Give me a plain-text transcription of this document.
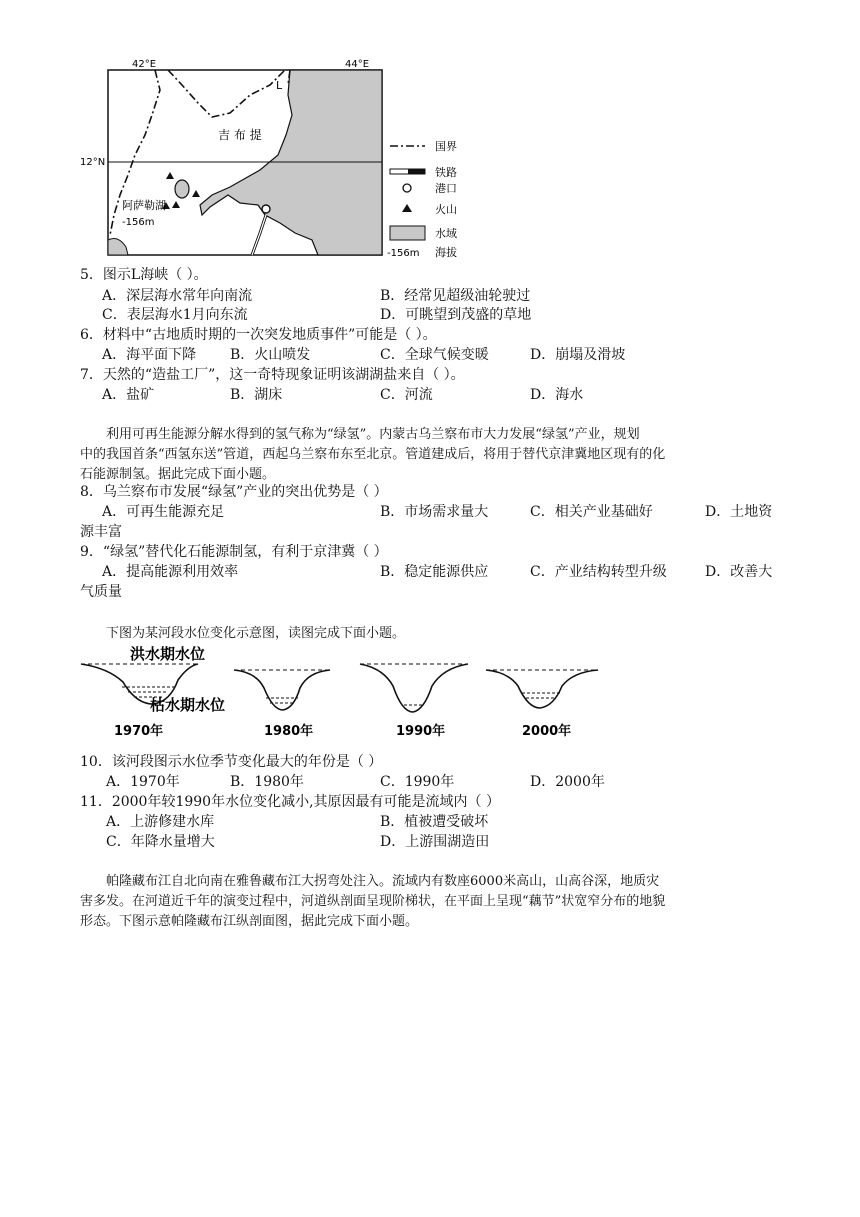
42°E	44°E
12°N
L
吉 布 提
阿萨勒湖
-156m
国界
铁路
港口
火山
水域
-156m 海拔
5．图示L海峡（ ）。
A．深层海水常年向南流	B．经常见超级油轮驶过
C．表层海水1月向东流	D．可眺望到茂盛的草地
6．材料中“古地质时期的一次突发地质事件”可能是（ ）。
A．海平面下降 B．火山喷发	C．全球气候变暖	D．崩塌及滑坡
7．天然的“造盐工厂”，这一奇特现象证明该湖湖盐来自（ ）。
A．盐矿	B．湖床	C．河流	D．海水
利用可再生能源分解水得到的氢气称为“绿氢”。内蒙古乌兰察布市大力发展“绿氢”产业，规划
中的我国首条“西氢东送”管道，西起乌兰察布东至北京。管道建成后，将用于替代京津冀地区现有的化
石能源制氢。据此完成下面小题。
8．乌兰察布市发展“绿氢”产业的突出优势是（ ）
A．可再生能源充足	B．市场需求量大	C．相关产业基础好	D．土地资
源丰富
9．“绿氢”替代化石能源制氢，有利于京津冀（ ）
A．提高能源利用效率	B．稳定能源供应	C．产业结构转型升级	D．改善大
气质量
下图为某河段水位变化示意图，读图完成下面小题。
洪水期水位
枯水期水位
1970年	1980年	1990年	2000年
10．该河段图示水位季节变化最大的年份是（ ）
A．1970年	B．1980年	C．1990年	D．2000年
11．2000年较1990年水位变化减小,其原因最有可能是流域内（ ）
A．上游修建水库	B．植被遭受破坏
C．年降水量增大	D．上游围湖造田
帕隆藏布江自北向南在雅鲁藏布江大拐弯处注入。流域内有数座6000米高山，山高谷深，地质灾
害多发。在河道近千年的演变过程中，河道纵剖面呈现阶梯状，在平面上呈现“藕节”状宽窄分布的地貌
形态。下图示意帕隆藏布江纵剖面图，据此完成下面小题。
